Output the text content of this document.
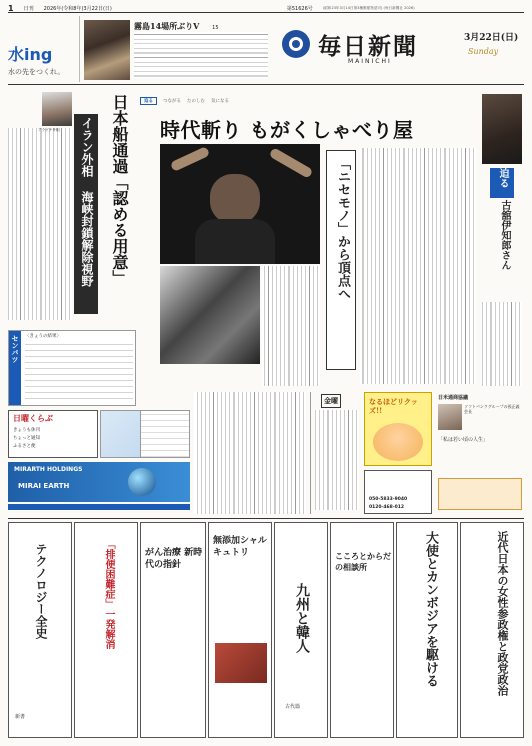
1 日刊 2026年(令和8年)3月22日(日)	第51626号	(昭和23年3月14日第3種郵便物認可) (毎日新聞社 2026)
水ing
水の先をつくれ。
霧島14場所ぶりV	15
毎日新聞
MAINICHI
3月22日(日)
Sunday
アラグチ外相	イラン外相 海峡封鎖解除視野	日本船通過「認める用意」	迫る	つながる たのしむ 気になる
時代斬り もがくしゃべり屋
「ニセモノ」から頂点へ	迫る
古舘伊知郎さん
センバツ	〈きょうの結果〉
日曜くらぶ
きょうも休刊
ちょっと通知
ふるさと便
MIRARTH HOLDINGS
MIRAI EARTH
金曜	なるほどリクッズ!!
050-5833-9040
0120-468-012
日米通商協議
ソフトバンクグループの孫正義会長
「私は若い頃の人生」
テクノロジー全史
新書
「排便困難症」一発解消	がん治療 新時代の指針
無添加シャルキュトリ
九州と韓人
古代篇
こころとからだの相談所	大使とカンボジアを駆ける	近代日本の女性参政権と政党政治
